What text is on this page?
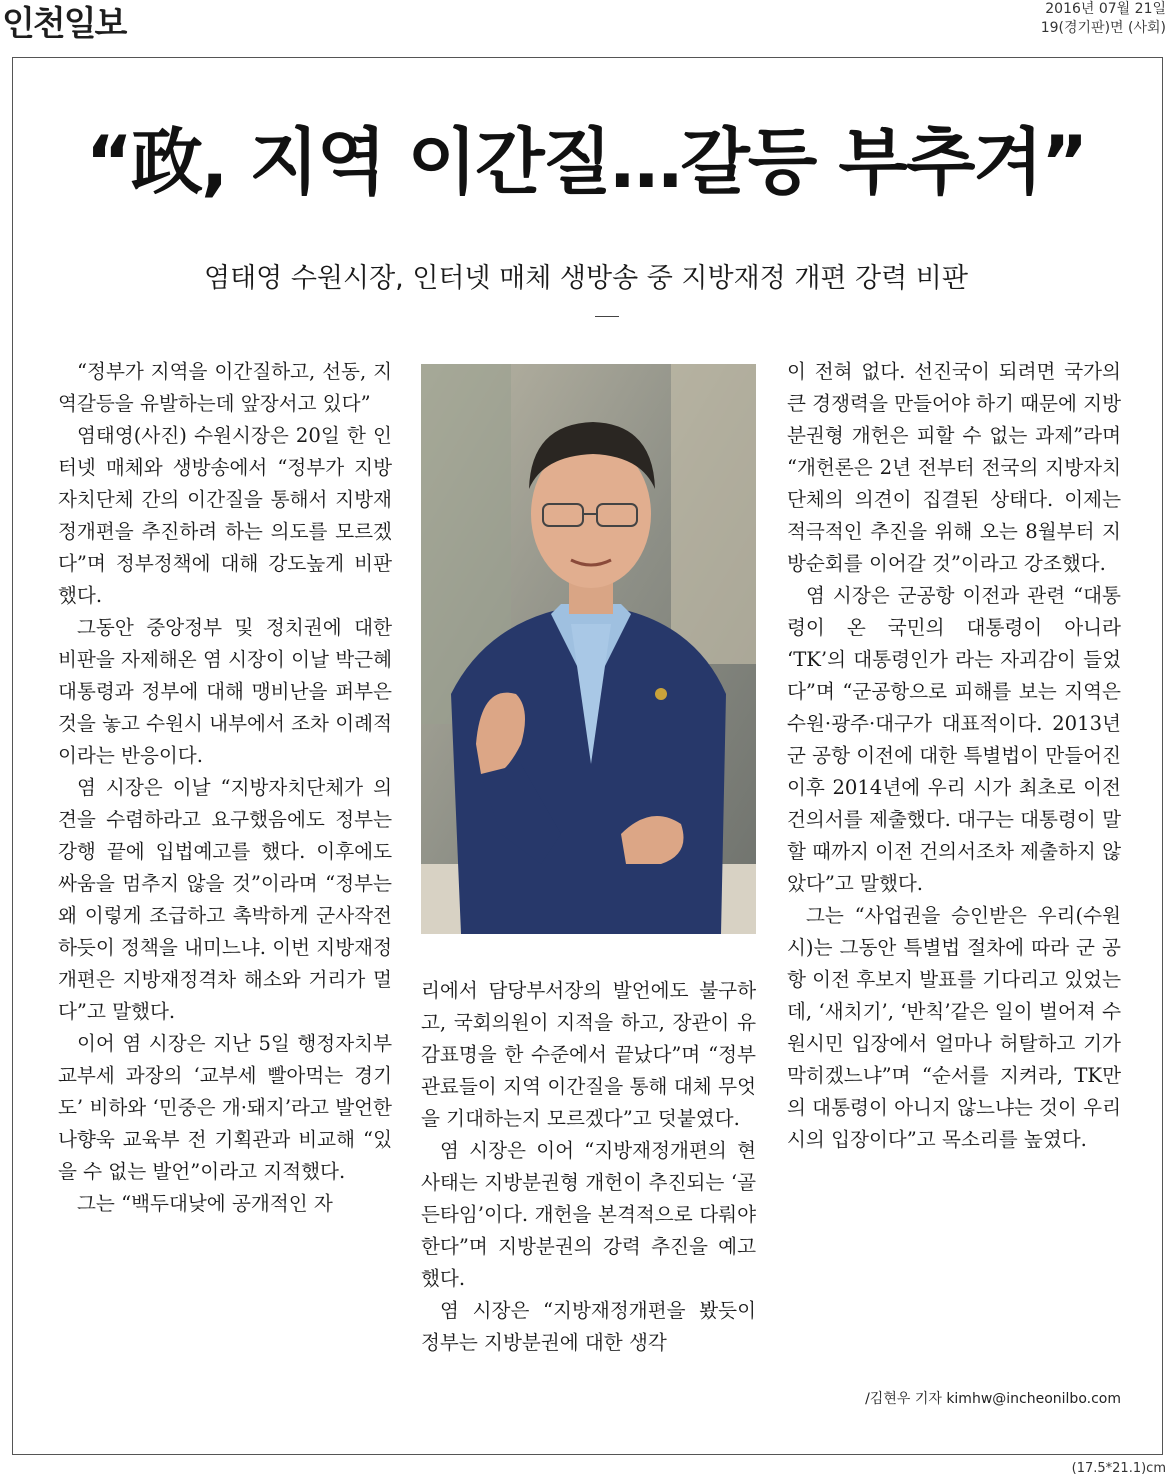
인천일보	2016년 07월 21일
19(경기판)면 (사회)
“政, 지역 이간질…갈등 부추겨”
염태영 수원시장, 인터넷 매체 생방송 중 지방재정 개편 강력 비판

“정부가 지역을 이간질하고, 선동, 지역갈등을 유발하는데 앞장서고 있다”

염태영(사진) 수원시장은 20일 한 인터넷 매체와 생방송에서 “정부가 지방자치단체 간의 이간질을 통해서 지방재정개편을 추진하려 하는 의도를 모르겠다”며 정부정책에 대해 강도높게 비판했다.

그동안 중앙정부 및 정치권에 대한 비판을 자제해온 염 시장이 이날 박근혜 대통령과 정부에 대해 맹비난을 퍼부은 것을 놓고 수원시 내부에서 조차 이례적이라는 반응이다.

염 시장은 이날 “지방자치단체가 의견을 수렴하라고 요구했음에도 정부는 강행 끝에 입법예고를 했다. 이후에도 싸움을 멈추지 않을 것”이라며 “정부는 왜 이렇게 조급하고 촉박하게 군사작전 하듯이 정책을 내미느냐. 이번 지방재정개편은 지방재정격차 해소와 거리가 멀다”고 말했다.

이어 염 시장은 지난 5일 행정자치부 교부세 과장의 ‘교부세 빨아먹는 경기도’ 비하와 ‘민중은 개·돼지’라고 발언한 나향욱 교육부 전 기획관과 비교해 “있을 수 없는 발언”이라고 지적했다.

그는 “백두대낮에 공개적인 자

리에서 담당부서장의 발언에도 불구하고, 국회의원이 지적을 하고, 장관이 유감표명을 한 수준에서 끝났다”며 “정부 관료들이 지역 이간질을 통해 대체 무엇을 기대하는지 모르겠다”고 덧붙였다.

염 시장은 이어 “지방재정개편의 현 사태는 지방분권형 개헌이 추진되는 ‘골든타임’이다. 개헌을 본격적으로 다뤄야한다”며 지방분권의 강력 추진을 예고했다.

염 시장은 “지방재정개편을 봤듯이 정부는 지방분권에 대한 생각

이 전혀 없다. 선진국이 되려면 국가의 큰 경쟁력을 만들어야 하기 때문에 지방분권형 개헌은 피할 수 없는 과제”라며 “개헌론은 2년 전부터 전국의 지방자치단체의 의견이 집결된 상태다. 이제는 적극적인 추진을 위해 오는 8월부터 지방순회를 이어갈 것”이라고 강조했다.

염 시장은 군공항 이전과 관련 “대통령이 온 국민의 대통령이 아니라 ‘TK’의 대통령인가 라는 자괴감이 들었다”며 “군공항으로 피해를 보는 지역은 수원·광주·대구가 대표적이다. 2013년 군 공항 이전에 대한 특별법이 만들어진 이후 2014년에 우리 시가 최초로 이전 건의서를 제출했다. 대구는 대통령이 말할 때까지 이전 건의서조차 제출하지 않았다”고 말했다.

그는 “사업권을 승인받은 우리(수원시)는 그동안 특별법 절차에 따라 군 공항 이전 후보지 발표를 기다리고 있었는데, ‘새치기’, ‘반칙’같은 일이 벌어져 수원시민 입장에서 얼마나 허탈하고 기가 막히겠느냐”며 “순서를 지켜라, TK만의 대통령이 아니지 않느냐는 것이 우리 시의 입장이다”고 목소리를 높였다.

/김현우 기자 kimhw@incheonilbo.com
(17.5*21.1)cm
